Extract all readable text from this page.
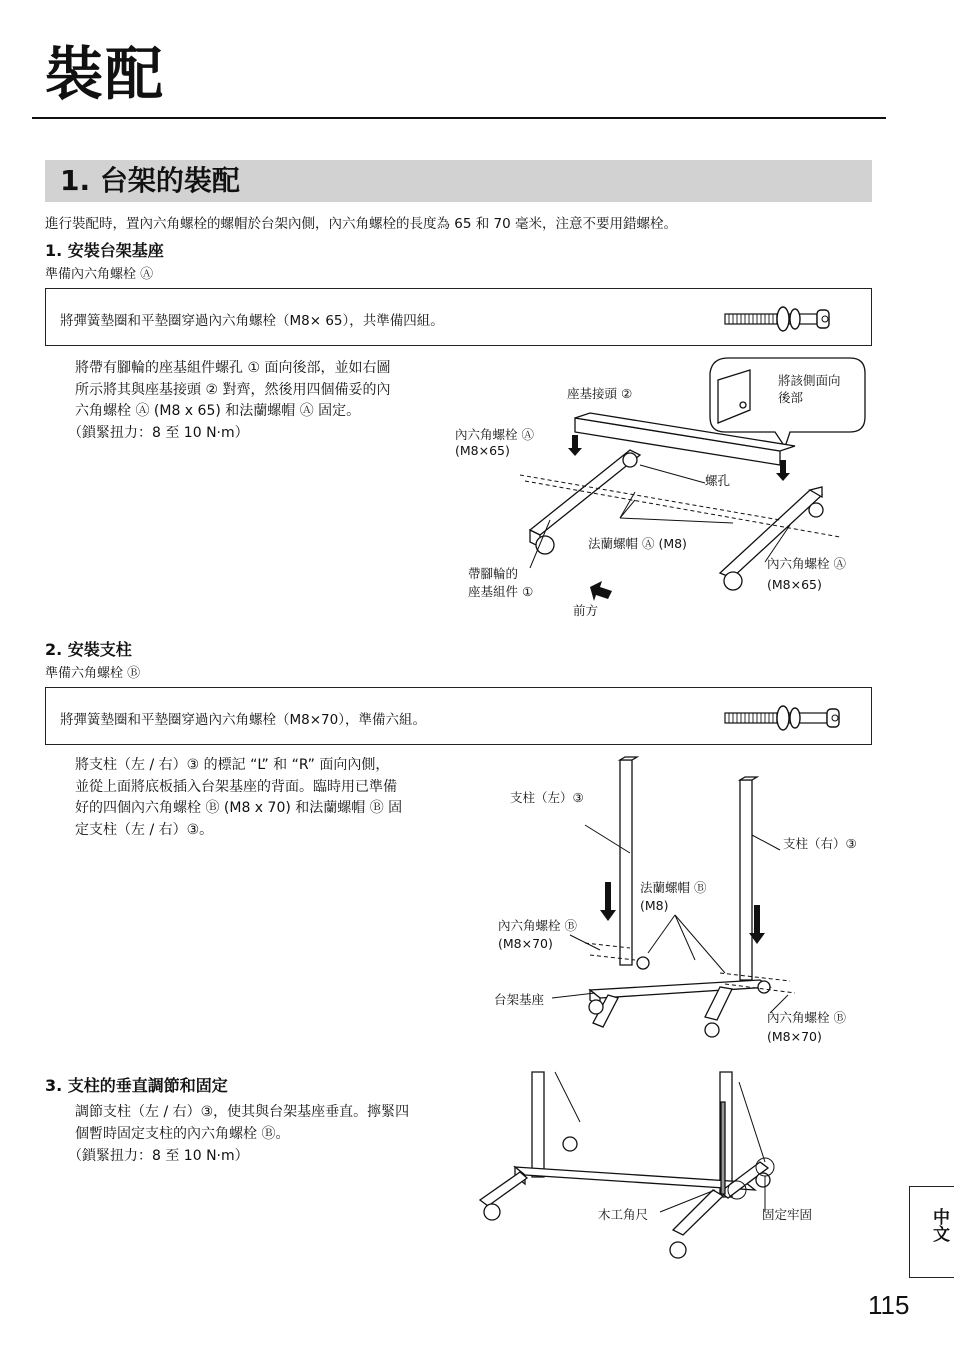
裝配
1. 台架的裝配
進行裝配時，置內六角螺栓的螺帽於台架內側，內六角螺栓的長度為 65 和 70 毫米，注意不要用錯螺栓。
1. 安裝台架基座
準備內六角螺栓 Ⓐ
將彈簧墊圈和平墊圈穿過內六角螺栓（M8× 65），共準備四組。
將帶有腳輪的座基組件螺孔 ① 面向後部，並如右圖
所示將其與座基接頭 ② 對齊，然後用四個備妥的內
六角螺栓 Ⓐ (M8 x 65) 和法蘭螺帽 Ⓐ 固定。
（鎖緊扭力：8 至 10 N·m）
座基接頭 ②
將該側面向
後部
內六角螺栓 Ⓐ
(M8×65)
螺孔
法蘭螺帽 Ⓐ (M8)
內六角螺栓 Ⓐ
(M8×65)
帶腳輪的
座基組件 ①
前方
2. 安裝支柱
準備六角螺栓 Ⓑ
將彈簧墊圈和平墊圈穿過內六角螺栓（M8×70），準備六組。
將支柱（左 / 右）③ 的標記 “L” 和 “R” 面向內側，
並從上面將底板插入台架基座的背面。臨時用已準備
好的四個內六角螺栓 Ⓑ (M8 x 70) 和法蘭螺帽 Ⓑ 固
定支柱（左 / 右）③。
支柱（左）③
支柱（右）③
法蘭螺帽 Ⓑ
(M8)
內六角螺栓 Ⓑ
(M8×70)
台架基座
內六角螺栓 Ⓑ
(M8×70)
3. 支柱的垂直調節和固定
調節支柱（左 / 右）③，使其與台架基座垂直。擰緊四
個暫時固定支柱的內六角螺栓 Ⓑ。
（鎖緊扭力：8 至 10 N·m）
木工角尺	固定牢固	中文
115
